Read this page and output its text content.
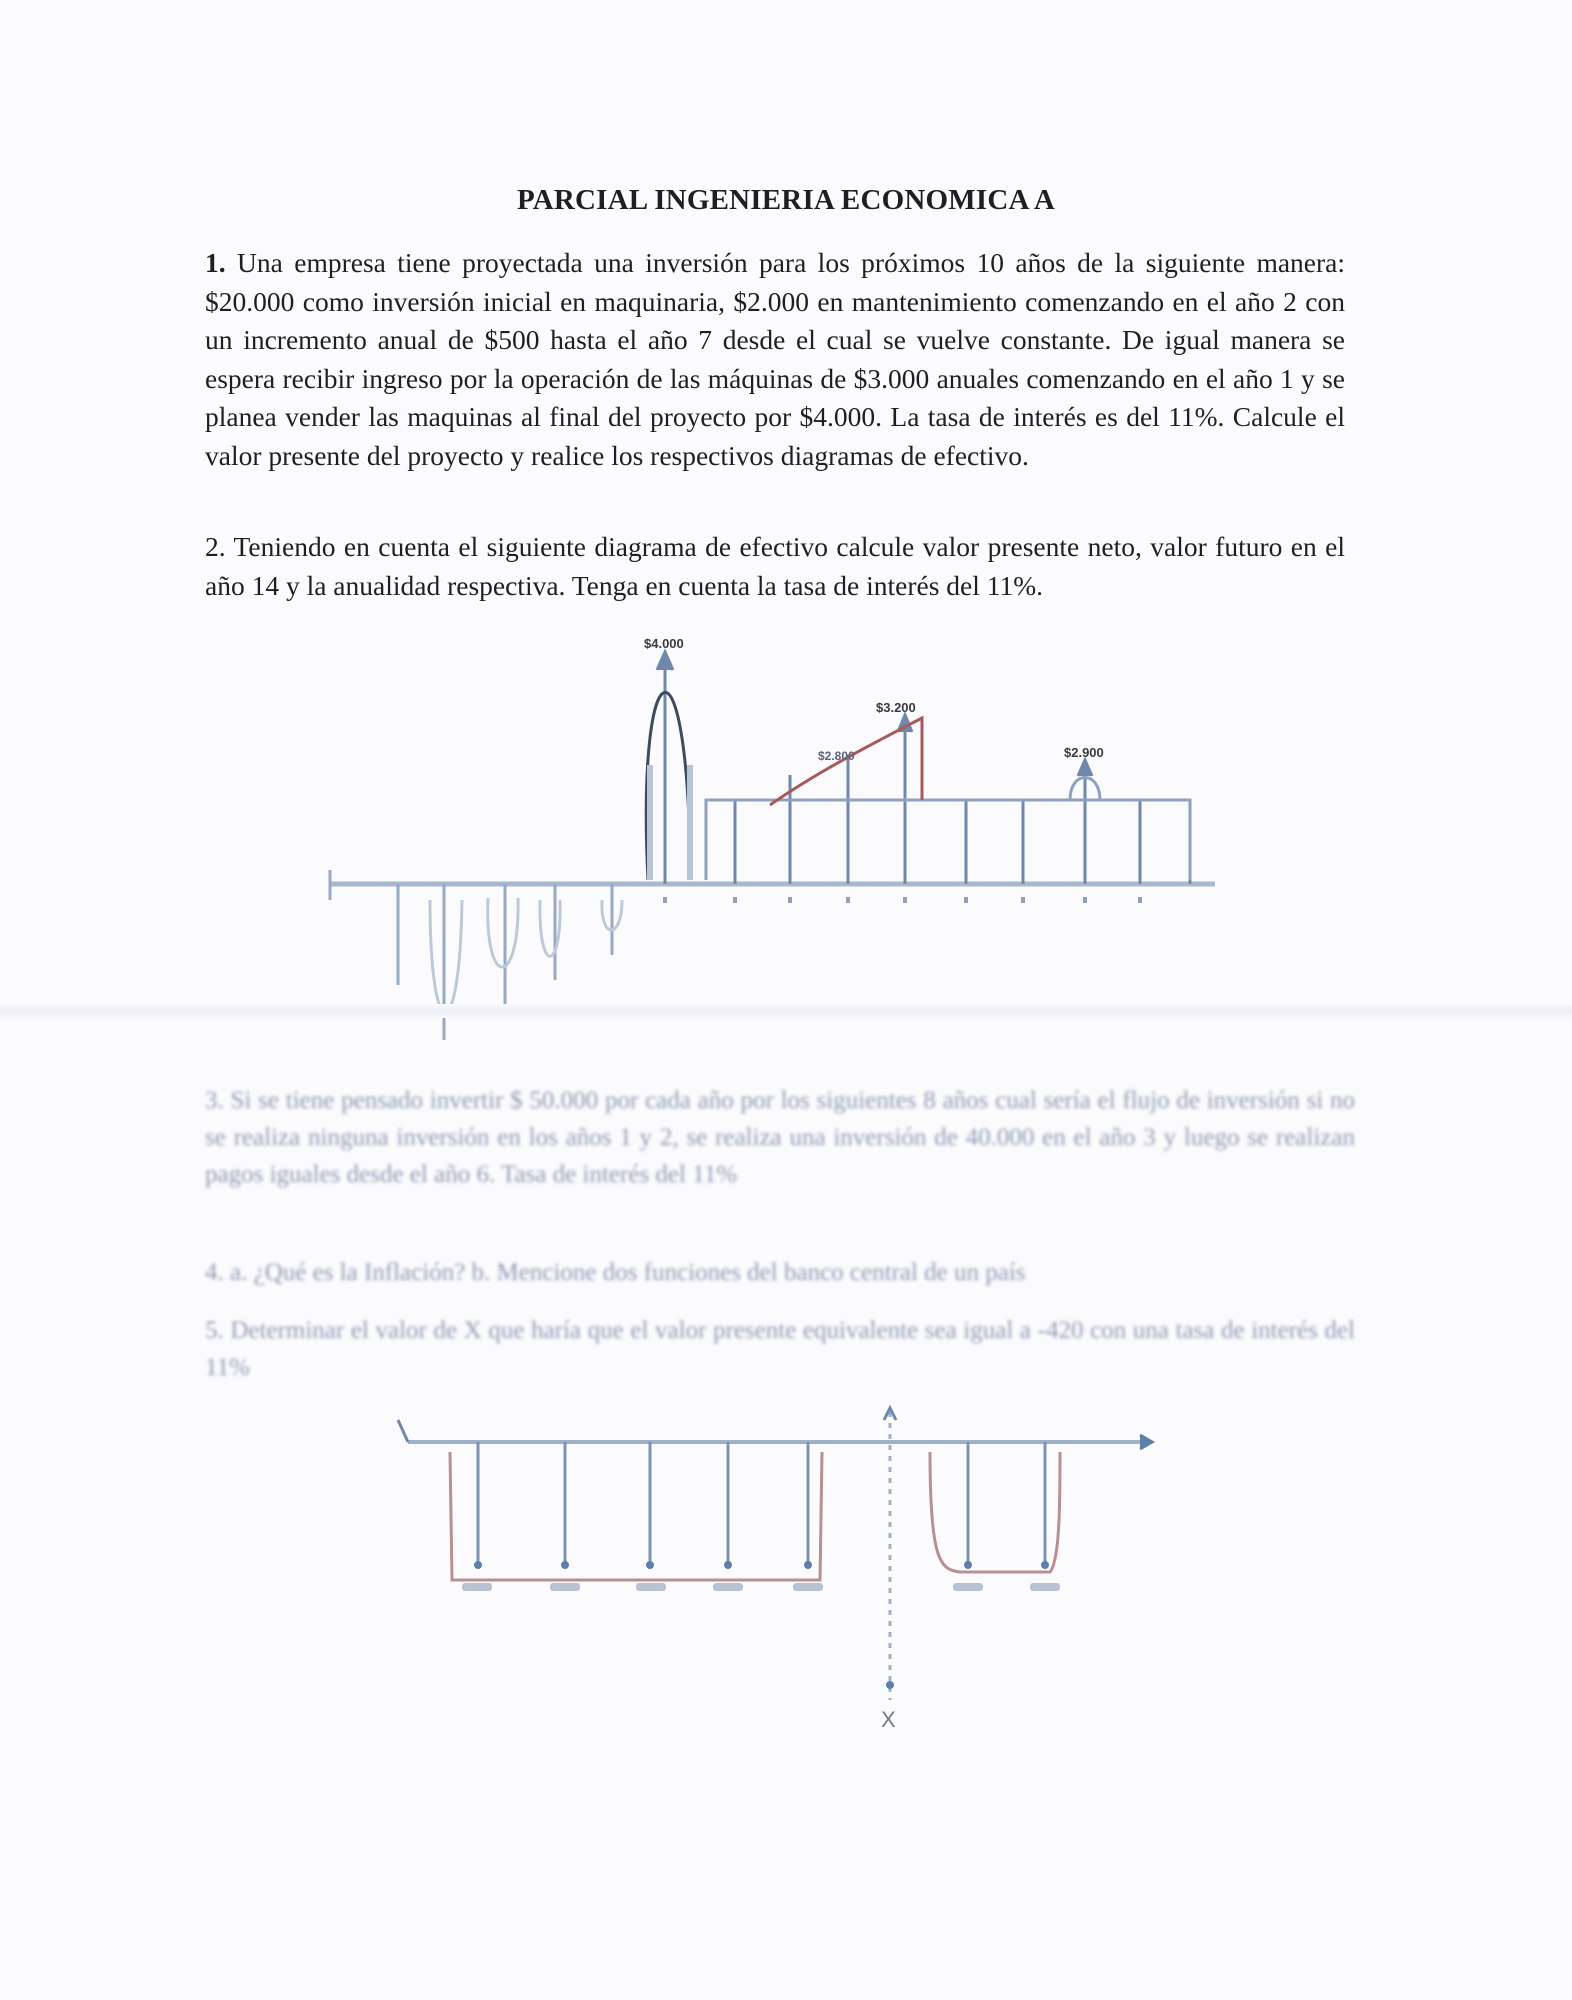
PARCIAL INGENIERIA ECONOMICA A
1. Una empresa tiene proyectada una inversión para los próximos 10 años de la siguiente manera: $20.000 como inversión inicial en maquinaria, $2.000 en mantenimiento comenzando en el año 2 con un incremento anual de $500 hasta el año 7 desde el cual se vuelve constante. De igual manera se espera recibir ingreso por la operación de las máquinas de $3.000 anuales comenzando en el año 1 y se planea vender las maquinas al final del proyecto por $4.000. La tasa de interés es del 11%. Calcule el valor presente del proyecto y realice los respectivos diagramas de efectivo.
2. Teniendo en cuenta el siguiente diagrama de efectivo calcule valor presente neto, valor futuro en el año 14 y la anualidad respectiva. Tenga en cuenta la tasa de interés del 11%.
$4.000
$3.200
$2.800	$2.900
3. Si se tiene pensado invertir $ 50.000 por cada año por los siguientes 8 años cual sería el flujo de inversión si no se realiza ninguna inversión en los años 1 y 2, se realiza una inversión de 40.000 en el año 3 y luego se realizan pagos iguales desde el año 6. Tasa de interés del 11%
4. a. ¿Qué es la Inflación? b. Mencione dos funciones del banco central de un país
5. Determinar el valor de X que haría que el valor presente equivalente sea igual a -420 con una tasa de interés del 11%
X
